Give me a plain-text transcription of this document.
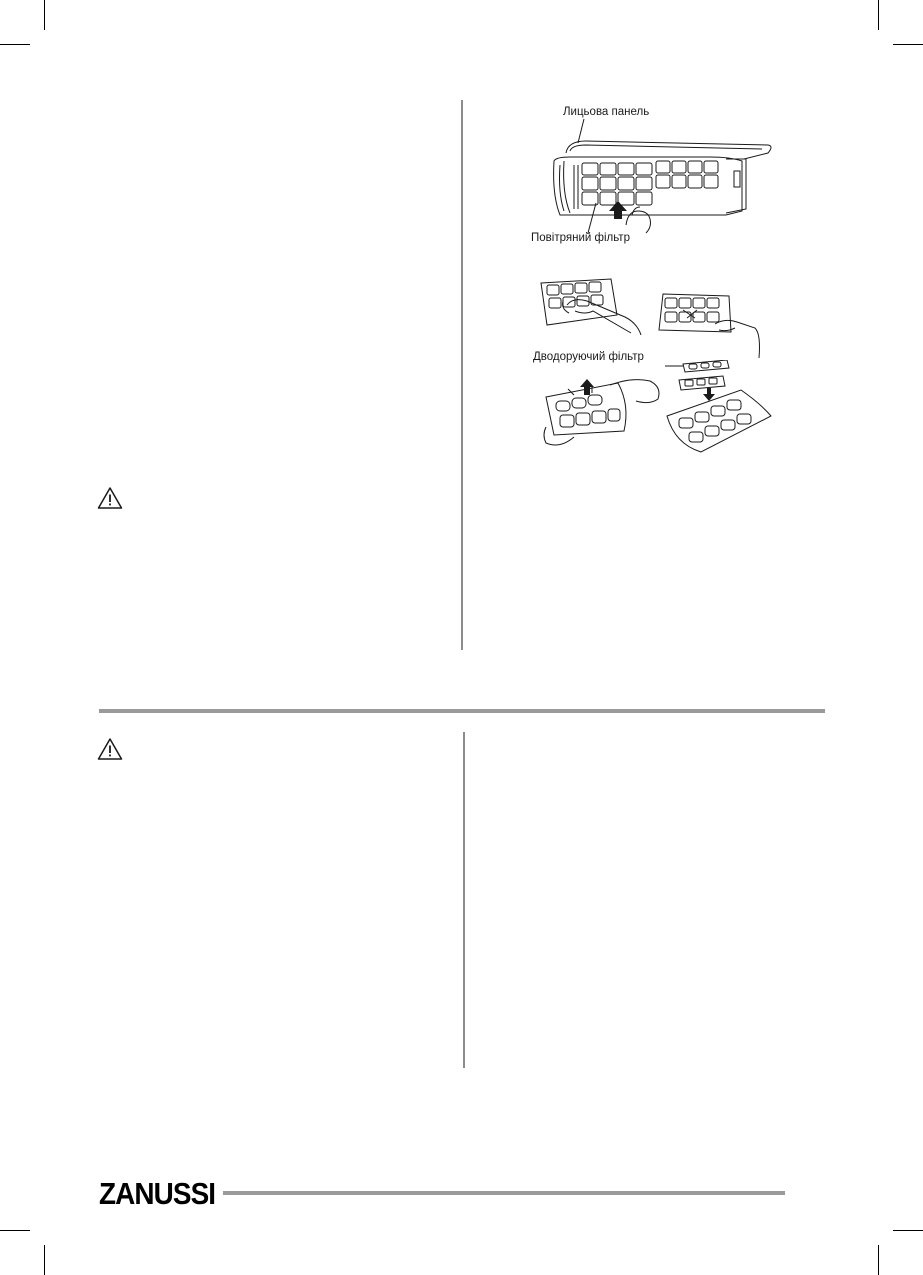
Лицьова панель
Повітряний фільтр
Дводоруючий фільтр
ZANUSSI
